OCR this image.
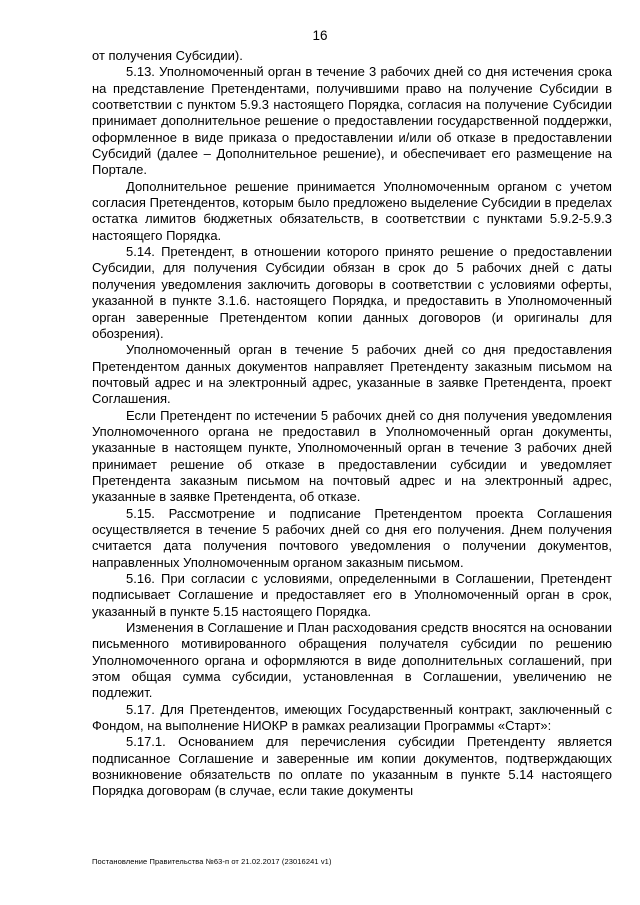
16

от получения Субсидии).

5.13. Уполномоченный орган в течение 3 рабочих дней со дня истечения срока на представление Претендентами, получившими право на получение Субсидии в соответствии с пунктом 5.9.3 настоящего Порядка, согласия на получение Субсидии принимает дополнительное решение о предоставлении государственной поддержки, оформленное в виде приказа о предоставлении и/или об отказе в предоставлении Субсидий (далее – Дополнительное решение), и обеспечивает его размещение на Портале.

Дополнительное решение принимается Уполномоченным органом с учетом согласия Претендентов, которым было предложено выделение Субсидии в пределах остатка лимитов бюджетных обязательств, в соответствии с пунктами 5.9.2-5.9.3 настоящего Порядка.

5.14. Претендент, в отношении которого принято решение о предоставлении Субсидии, для получения Субсидии обязан в срок до 5 рабочих дней с даты получения уведомления заключить договоры в соответствии с условиями оферты, указанной в пункте 3.1.6. настоящего Порядка, и предоставить в Уполномоченный орган заверенные Претендентом копии данных договоров (и оригиналы для обозрения).

Уполномоченный орган в течение 5 рабочих дней со дня предоставления Претендентом данных документов направляет Претенденту заказным письмом на почтовый адрес и на электронный адрес, указанные в заявке Претендента, проект Соглашения.

Если Претендент по истечении 5 рабочих дней со дня получения уведомления Уполномоченного органа не предоставил в Уполномоченный орган документы, указанные в настоящем пункте, Уполномоченный орган в течение 3 рабочих дней принимает решение об отказе в предоставлении субсидии и уведомляет Претендента заказным письмом на почтовый адрес и на электронный адрес, указанные в заявке Претендента, об отказе.

5.15. Рассмотрение и подписание Претендентом проекта Соглашения осуществляется в течение 5 рабочих дней со дня его получения. Днем получения считается дата получения почтового уведомления о получении документов, направленных Уполномоченным органом заказным письмом.

5.16. При согласии с условиями, определенными в Соглашении, Претендент подписывает Соглашение и предоставляет его в Уполномоченный орган в срок, указанный в пункте 5.15 настоящего Порядка.

Изменения в Соглашение и План расходования средств вносятся на основании письменного мотивированного обращения получателя субсидии по решению Уполномоченного органа и оформляются в виде дополнительных соглашений, при этом общая сумма субсидии, установленная в Соглашении, увеличению не подлежит.

5.17. Для Претендентов, имеющих Государственный контракт, заключенный с Фондом, на выполнение НИОКР в рамках реализации Программы «Старт»:

5.17.1. Основанием для перечисления субсидии Претенденту является подписанное Соглашение и заверенные им копии документов, подтверждающих возникновение обязательств по оплате по указанным в пункте 5.14 настоящего Порядка договорам (в случае, если такие документы

Постановление Правительства №63-п от 21.02.2017 (23016241 v1)
